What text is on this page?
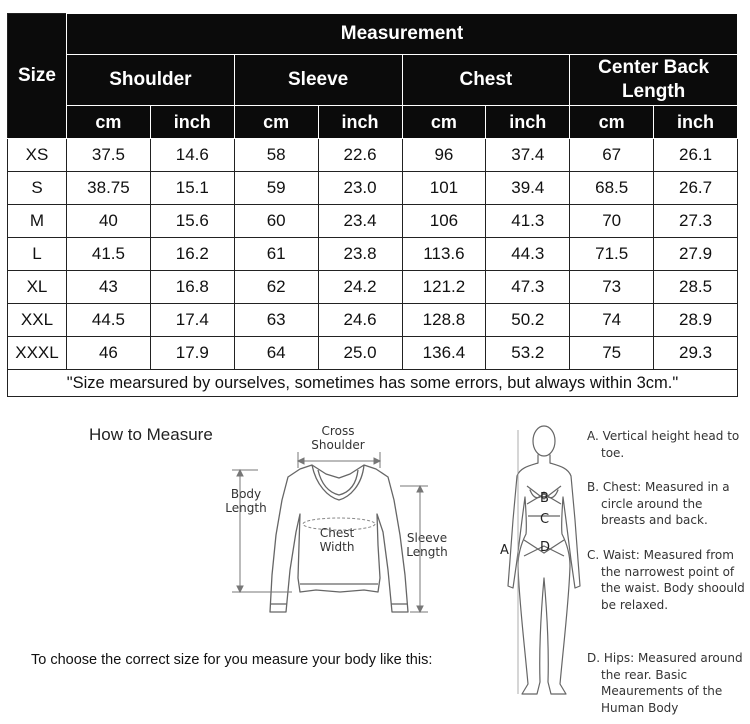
Size	Measurement							
	Shoulder		Sleeve		Chest		Center Back
Length	
	cm	inch	cm	inch	cm	inch	cm	inch
XS	37.5	14.6	58	22.6	96	37.4	67	26.1
S	38.75	15.1	59	23.0	101	39.4	68.5	26.7
M	40	15.6	60	23.4	106	41.3	70	27.3
L	41.5	16.2	61	23.8	113.6	44.3	71.5	27.9
XL	43	16.8	62	24.2	121.2	47.3	73	28.5
XXL	44.5	17.4	63	24.6	128.8	50.2	74	28.9
XXXL	46	17.9	64	25.0	136.4	53.2	75	29.3
"Size mearsured by ourselves, sometimes has some errors, but always within 3cm."								
How to Measure	Cross
Shoulder
Body
Length
Chest
Width
Sleeve
Length
To choose the correct size for you measure your body like this:
A
B
C
D
A. Vertical height head to toe.
B. Chest: Measured in a circle around the breasts and back.
C. Waist: Measured from the narrowest point of the waist. Body shoould be relaxed.
D. Hips: Measured around the rear. Basic Meaurements of the Human Body
